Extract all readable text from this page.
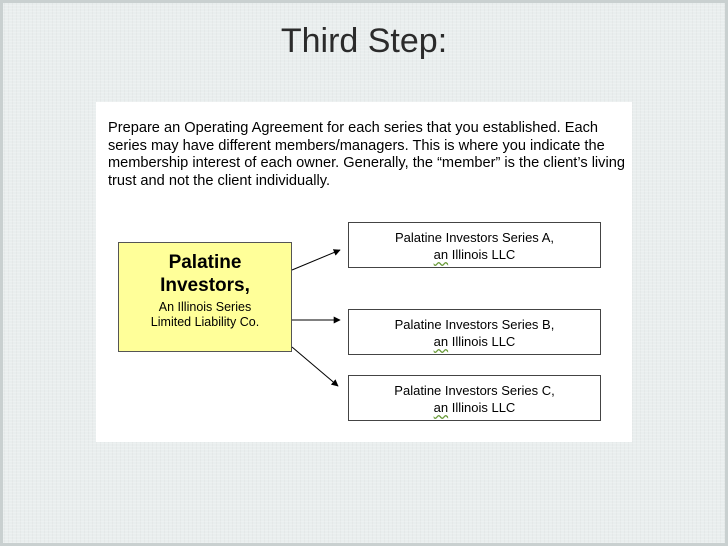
Third Step:
Prepare an Operating Agreement for each series that you established. Each series may have different members/managers. This is where you indicate the membership interest of each owner. Generally, the “member” is the client’s living trust and not the client individually.
Palatine
Investors,
An Illinois Series
Limited Liability Co.
Palatine Investors Series A,
an Illinois LLC
Palatine Investors Series B,
an Illinois LLC
Palatine Investors Series C,
an Illinois LLC
